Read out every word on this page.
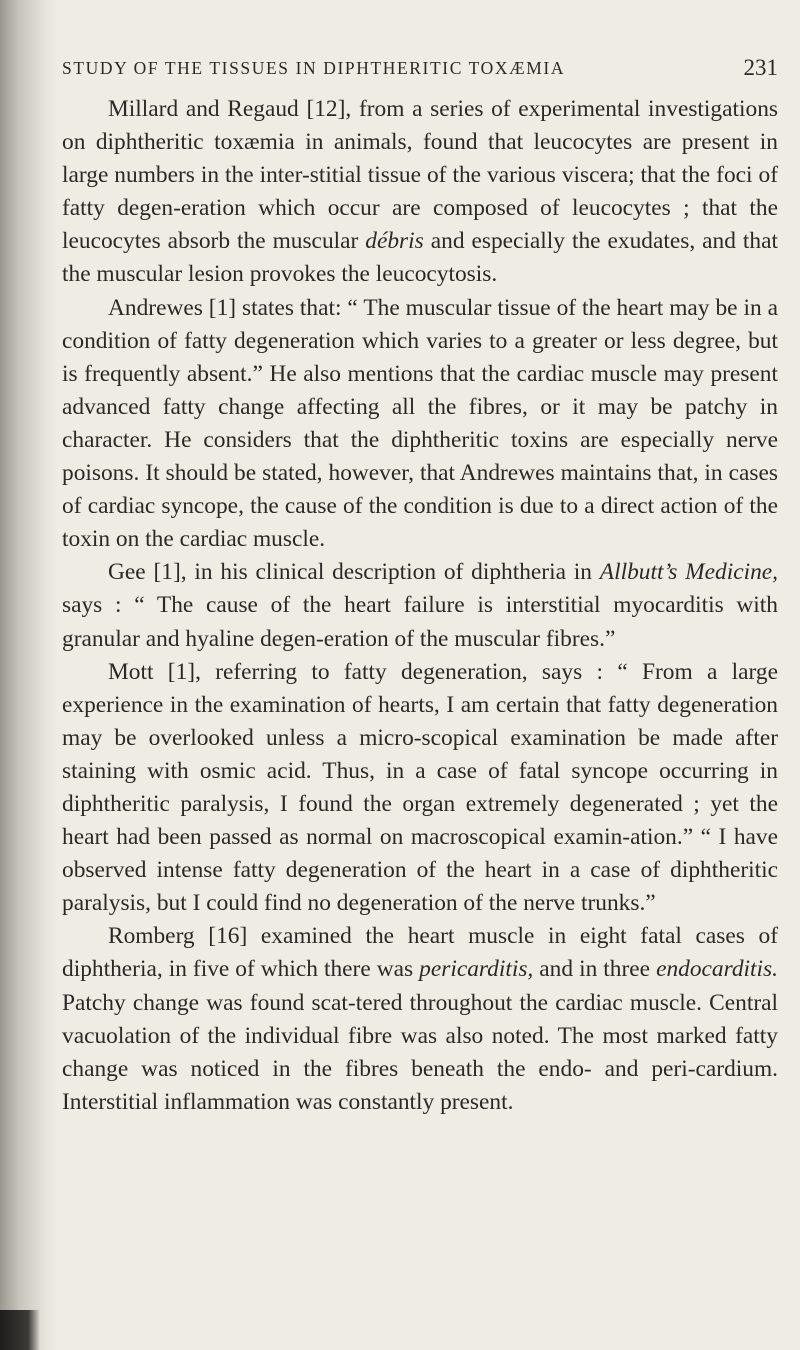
STUDY OF THE TISSUES IN DIPHTHERITIC TOXÆMIA	231

Millard and Regaud [12], from a series of experimental investigations on diphtheritic toxæmia in animals, found that leucocytes are present in large numbers in the inter-stitial tissue of the various viscera; that the foci of fatty degen-eration which occur are composed of leucocytes ; that the leucocytes absorb the muscular débris and especially the exudates, and that the muscular lesion provokes the leucocytosis.

Andrewes [1] states that: “ The muscular tissue of the heart may be in a condition of fatty degeneration which varies to a greater or less degree, but is frequently absent.” He also mentions that the cardiac muscle may present advanced fatty change affecting all the fibres, or it may be patchy in character. He considers that the diphtheritic toxins are especially nerve poisons. It should be stated, however, that Andrewes maintains that, in cases of cardiac syncope, the cause of the condition is due to a direct action of the toxin on the cardiac muscle.

Gee [1], in his clinical description of diphtheria in Allbutt’s Medicine, says : “ The cause of the heart failure is interstitial myocarditis with granular and hyaline degen-eration of the muscular fibres.”

Mott [1], referring to fatty degeneration, says : “ From a large experience in the examination of hearts, I am certain that fatty degeneration may be overlooked unless a micro-scopical examination be made after staining with osmic acid. Thus, in a case of fatal syncope occurring in diphtheritic paralysis, I found the organ extremely degenerated ; yet the heart had been passed as normal on macroscopical examin-ation.” “ I have observed intense fatty degeneration of the heart in a case of diphtheritic paralysis, but I could find no degeneration of the nerve trunks.”

Romberg [16] examined the heart muscle in eight fatal cases of diphtheria, in five of which there was pericarditis, and in three endocarditis. Patchy change was found scat-tered throughout the cardiac muscle. Central vacuolation of the individual fibre was also noted. The most marked fatty change was noticed in the fibres beneath the endo- and peri-cardium. Interstitial inflammation was constantly present.
